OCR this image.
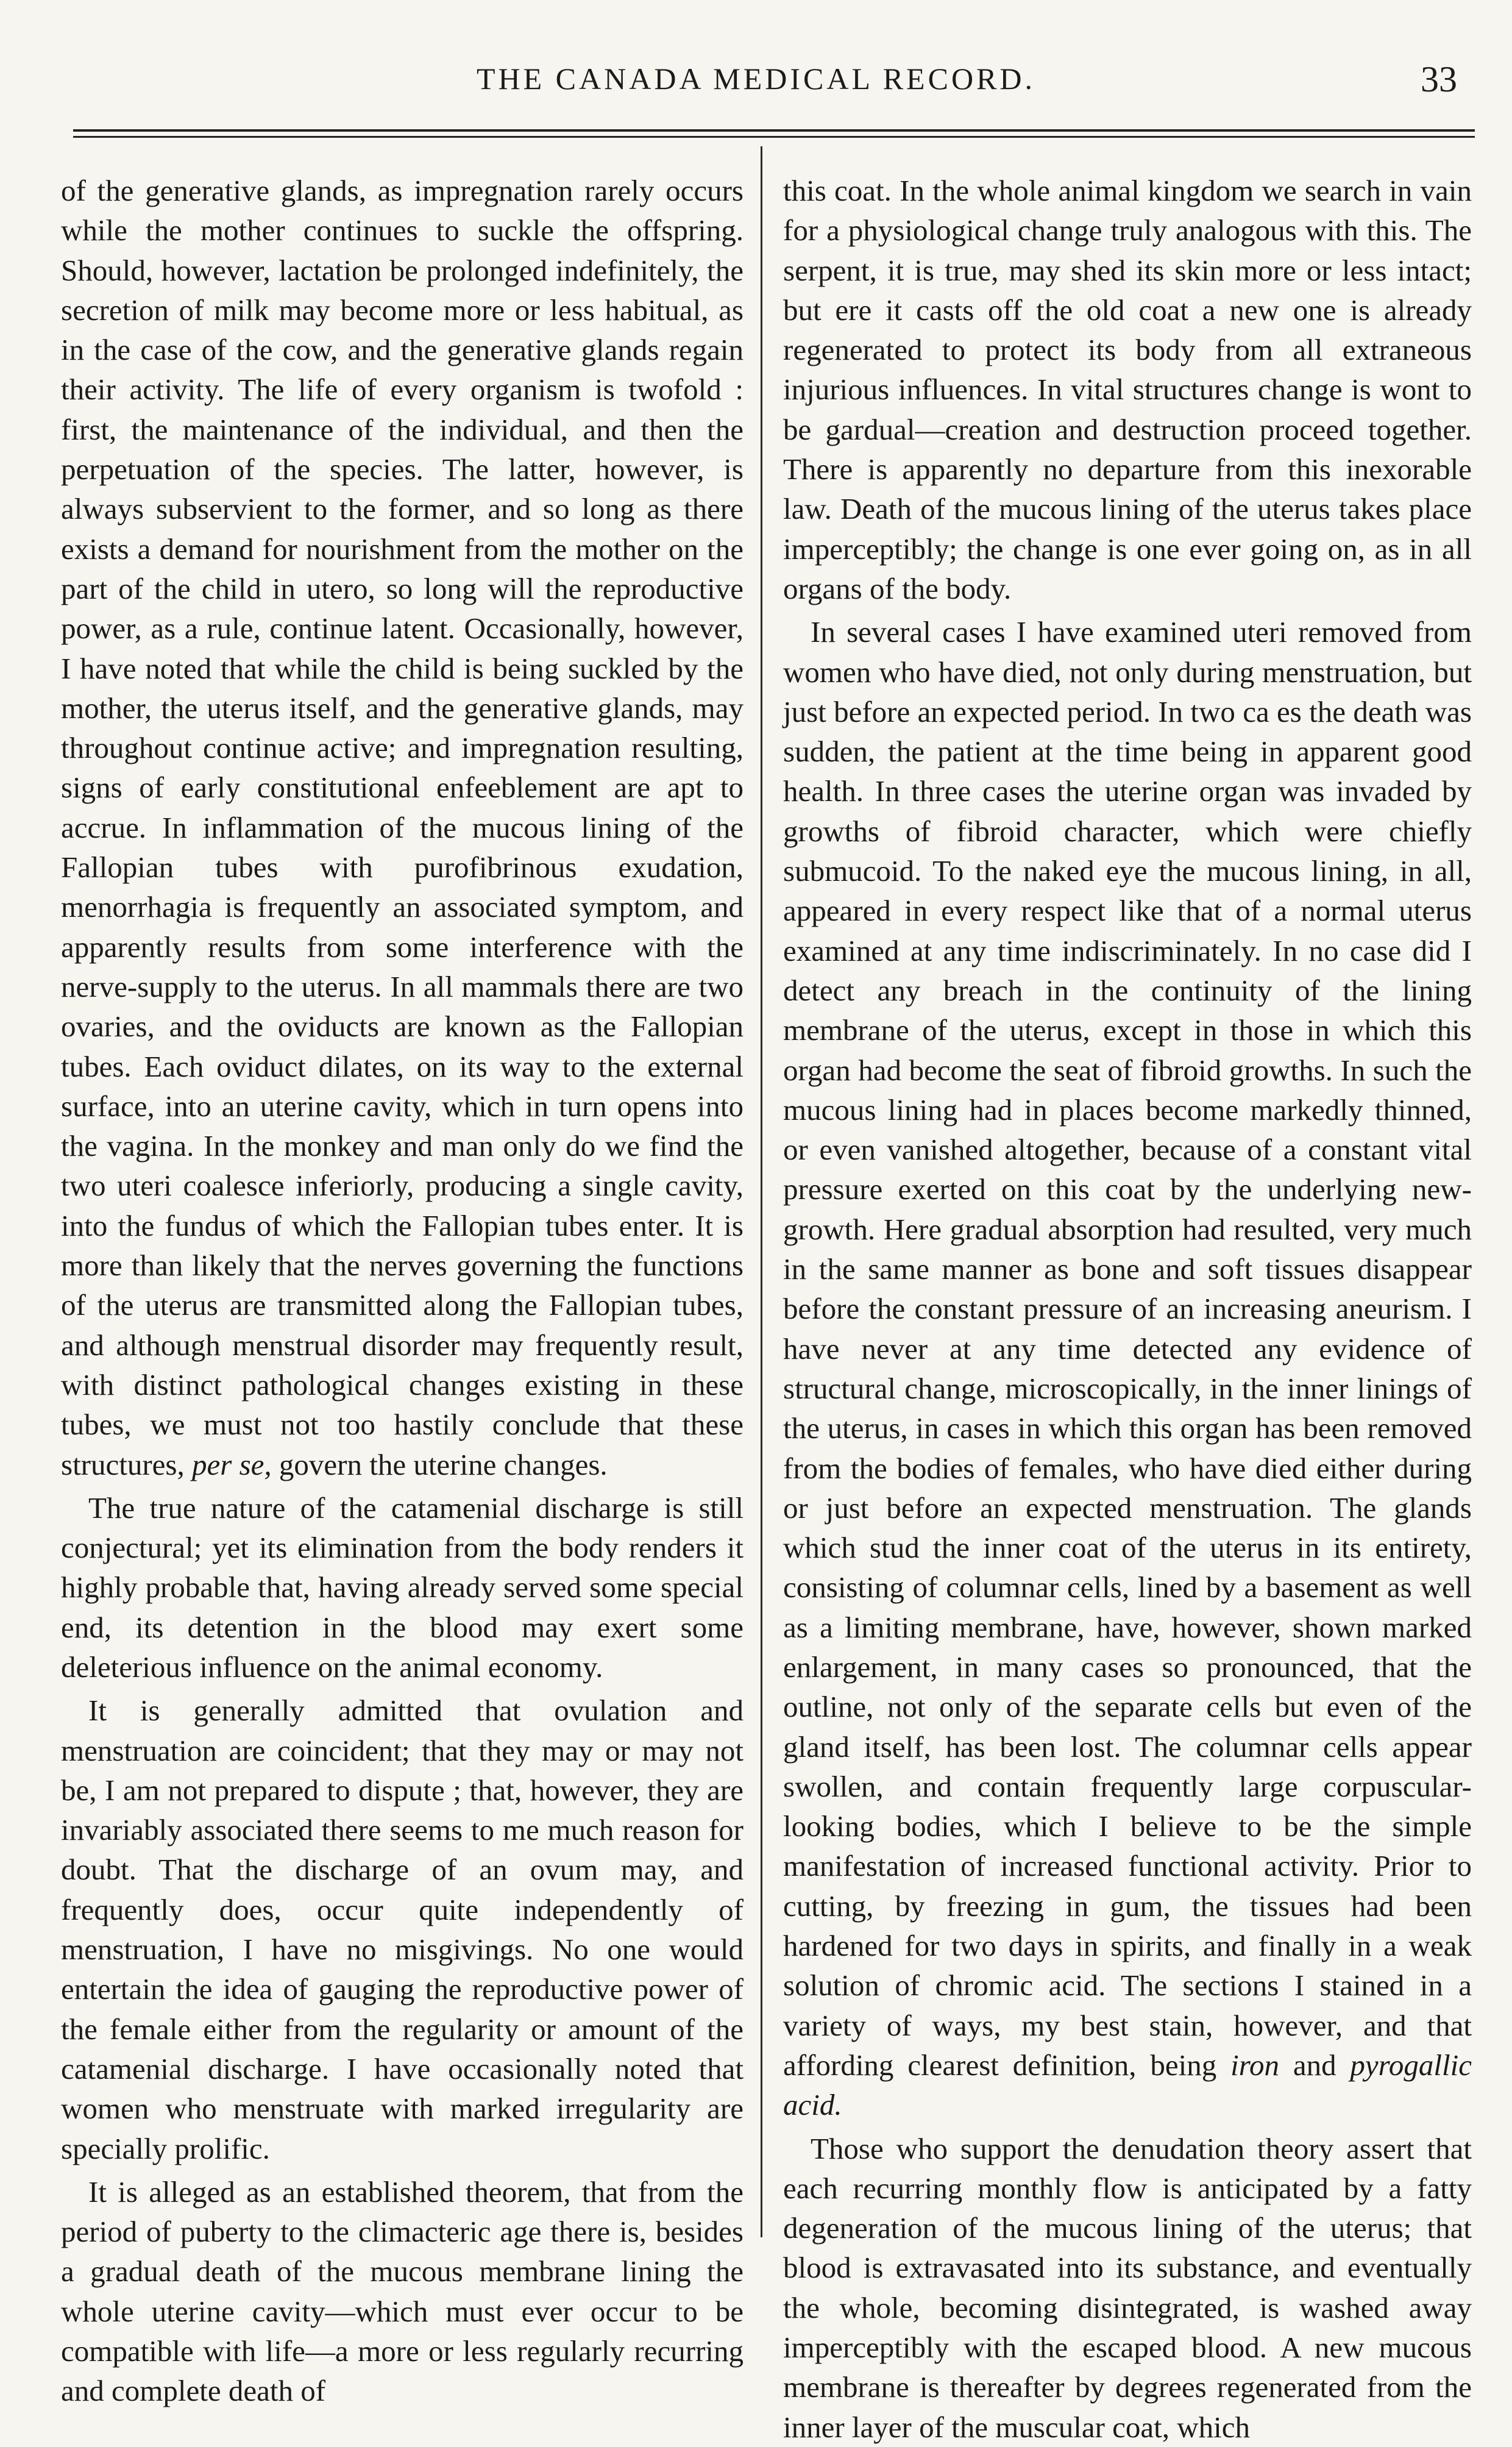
THE CANADA MEDICAL RECORD.	33

of the generative glands, as impregnation rarely occurs while the mother continues to suckle the offspring. Should, however, lactation be prolonged indefinitely, the secretion of milk may become more or less habitual, as in the case of the cow, and the generative glands regain their activity. The life of every organism is twofold : first, the maintenance of the individual, and then the perpetuation of the species. The latter, however, is always subservient to the former, and so long as there exists a demand for nourishment from the mother on the part of the child in utero, so long will the reproductive power, as a rule, continue latent. Occasionally, however, I have noted that while the child is being suckled by the mother, the uterus itself, and the generative glands, may throughout continue active; and impregnation resulting, signs of early constitutional enfeeblement are apt to accrue. In inflammation of the mucous lining of the Fallopian tubes with purofibrinous exudation, menorrhagia is frequently an associated symptom, and apparently results from some interference with the nerve-supply to the uterus. In all mammals there are two ovaries, and the oviducts are known as the Fallopian tubes. Each oviduct dilates, on its way to the external surface, into an uterine cavity, which in turn opens into the vagina. In the monkey and man only do we find the two uteri coalesce inferiorly, producing a single cavity, into the fundus of which the Fallopian tubes enter. It is more than likely that the nerves governing the functions of the uterus are transmitted along the Fallopian tubes, and although menstrual disorder may frequently result, with distinct pathological changes existing in these tubes, we must not too hastily conclude that these structures, per se, govern the uterine changes.

The true nature of the catamenial discharge is still conjectural; yet its elimination from the body renders it highly probable that, having already served some special end, its detention in the blood may exert some deleterious influence on the animal economy.

It is generally admitted that ovulation and menstruation are coincident; that they may or may not be, I am not prepared to dispute ; that, however, they are invariably associated there seems to me much reason for doubt. That the discharge of an ovum may, and frequently does, occur quite independently of menstruation, I have no misgivings. No one would entertain the idea of gauging the reproductive power of the female either from the regularity or amount of the catamenial discharge. I have occasionally noted that women who menstruate with marked irregularity are specially prolific.

It is alleged as an established theorem, that from the period of puberty to the climacteric age there is, besides a gradual death of the mucous membrane lining the whole uterine cavity—which must ever occur to be compatible with life—a more or less regularly recurring and complete death of

this coat. In the whole animal kingdom we search in vain for a physiological change truly analogous with this. The serpent, it is true, may shed its skin more or less intact; but ere it casts off the old coat a new one is already regenerated to protect its body from all extraneous injurious influences. In vital structures change is wont to be gardual—creation and destruction proceed together. There is apparently no departure from this inexorable law. Death of the mucous lining of the uterus takes place imperceptibly; the change is one ever going on, as in all organs of the body.

In several cases I have examined uteri removed from women who have died, not only during menstruation, but just before an expected period. In two ca es the death was sudden, the patient at the time being in apparent good health. In three cases the uterine organ was invaded by growths of fibroid character, which were chiefly submucoid. To the naked eye the mucous lining, in all, appeared in every respect like that of a normal uterus examined at any time indiscriminately. In no case did I detect any breach in the continuity of the lining membrane of the uterus, except in those in which this organ had become the seat of fibroid growths. In such the mucous lining had in places become markedly thinned, or even vanished altogether, because of a constant vital pressure exerted on this coat by the underlying new-growth. Here gradual absorption had resulted, very much in the same manner as bone and soft tissues disappear before the constant pressure of an increasing aneurism. I have never at any time detected any evidence of structural change, microscopically, in the inner linings of the uterus, in cases in which this organ has been removed from the bodies of females, who have died either during or just before an expected menstruation. The glands which stud the inner coat of the uterus in its entirety, consisting of columnar cells, lined by a basement as well as a limiting membrane, have, however, shown marked enlargement, in many cases so pronounced, that the outline, not only of the separate cells but even of the gland itself, has been lost. The columnar cells appear swollen, and contain frequently large corpuscular-looking bodies, which I believe to be the simple manifestation of increased functional activity. Prior to cutting, by freezing in gum, the tissues had been hardened for two days in spirits, and finally in a weak solution of chromic acid. The sections I stained in a variety of ways, my best stain, however, and that affording clearest definition, being iron and pyrogallic acid.

Those who support the denudation theory assert that each recurring monthly flow is anticipated by a fatty degeneration of the mucous lining of the uterus; that blood is extravasated into its substance, and eventually the whole, becoming disintegrated, is washed away imperceptibly with the escaped blood. A new mucous membrane is thereafter by degrees regenerated from the inner layer of the muscular coat, which
